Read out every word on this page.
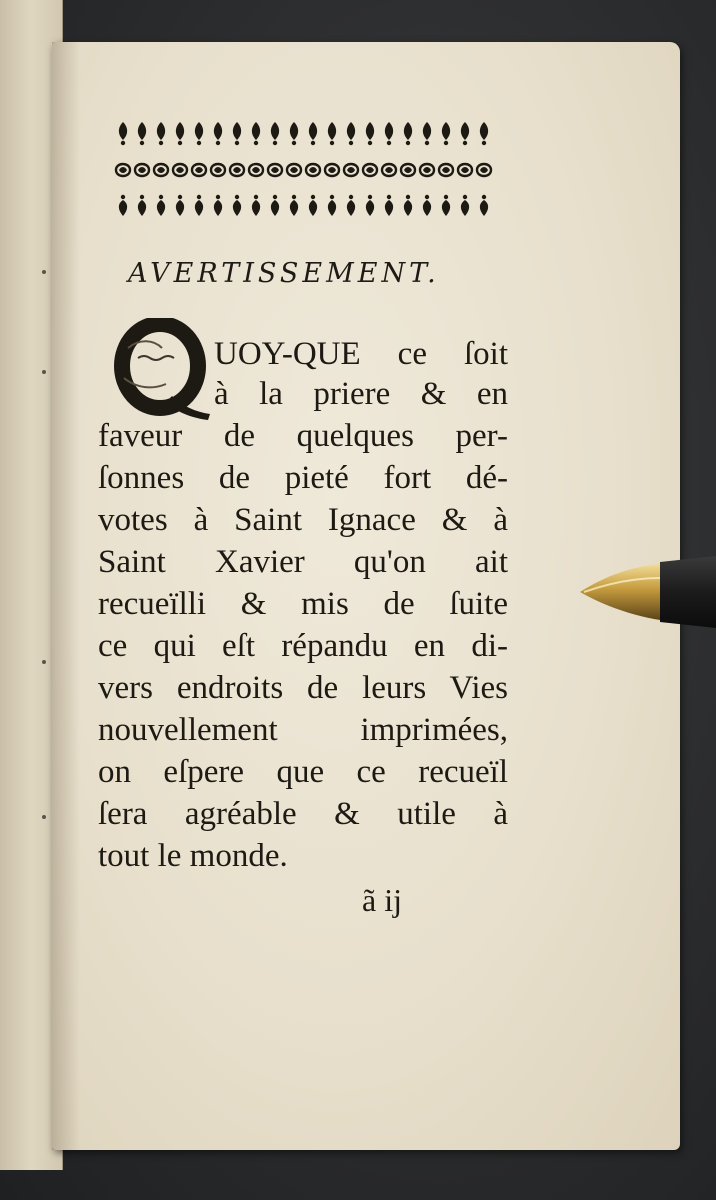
AVERTISSEMENT.
UOY-QUE ce ſoit
à la priere & en
faveur de quelques per-
ſonnes de pieté fort dé-
votes à Saint Ignace & à
Saint Xavier qu'on ait
recueïlli & mis de ſuite
ce qui eſt répandu en di-
vers endroits de leurs Vies
nouvellement imprimées,
on eſpere que ce recueïl
ſera agréable & utile à
tout le monde.
ã ij
